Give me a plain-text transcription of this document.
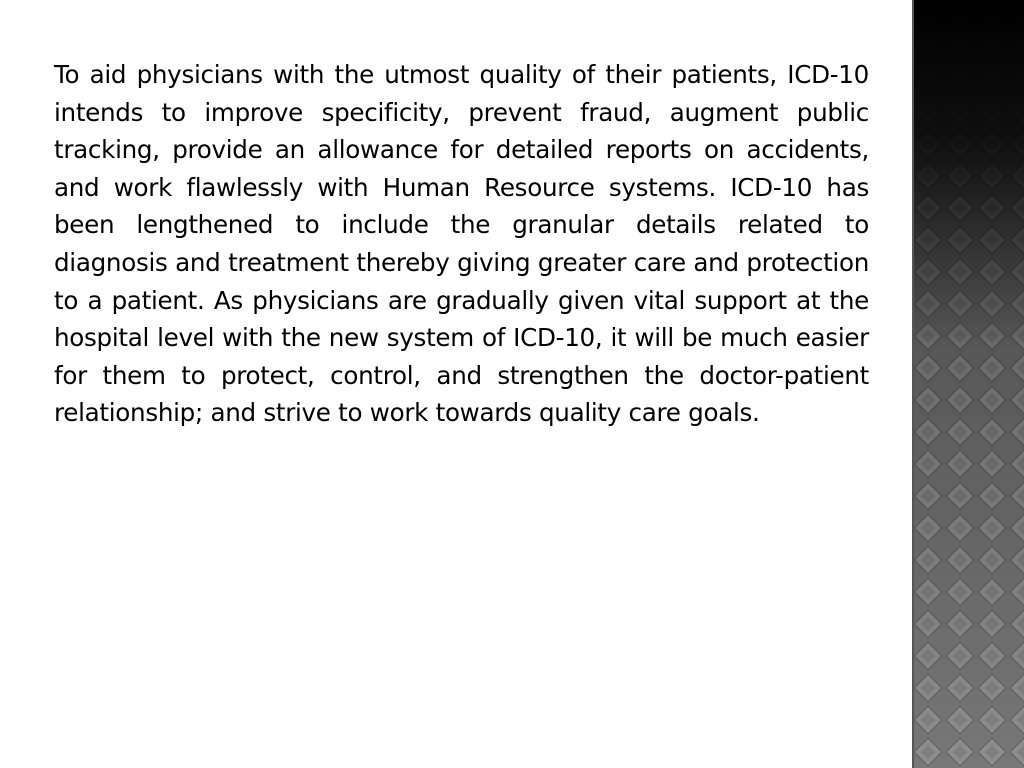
To aid physicians with the utmost quality of their patients, ICD-10 intends to improve specificity, prevent fraud, augment public tracking, provide an allowance for detailed reports on accidents, and work flawlessly with Human Resource systems. ICD-10 has been lengthened to include the granular details related to diagnosis and treatment thereby giving greater care and protection to a patient. As physicians are gradually given vital support at the hospital level with the new system of ICD-10, it will be much easier for them to protect, control, and strengthen the doctor-patient relationship; and strive to work towards quality care goals.
